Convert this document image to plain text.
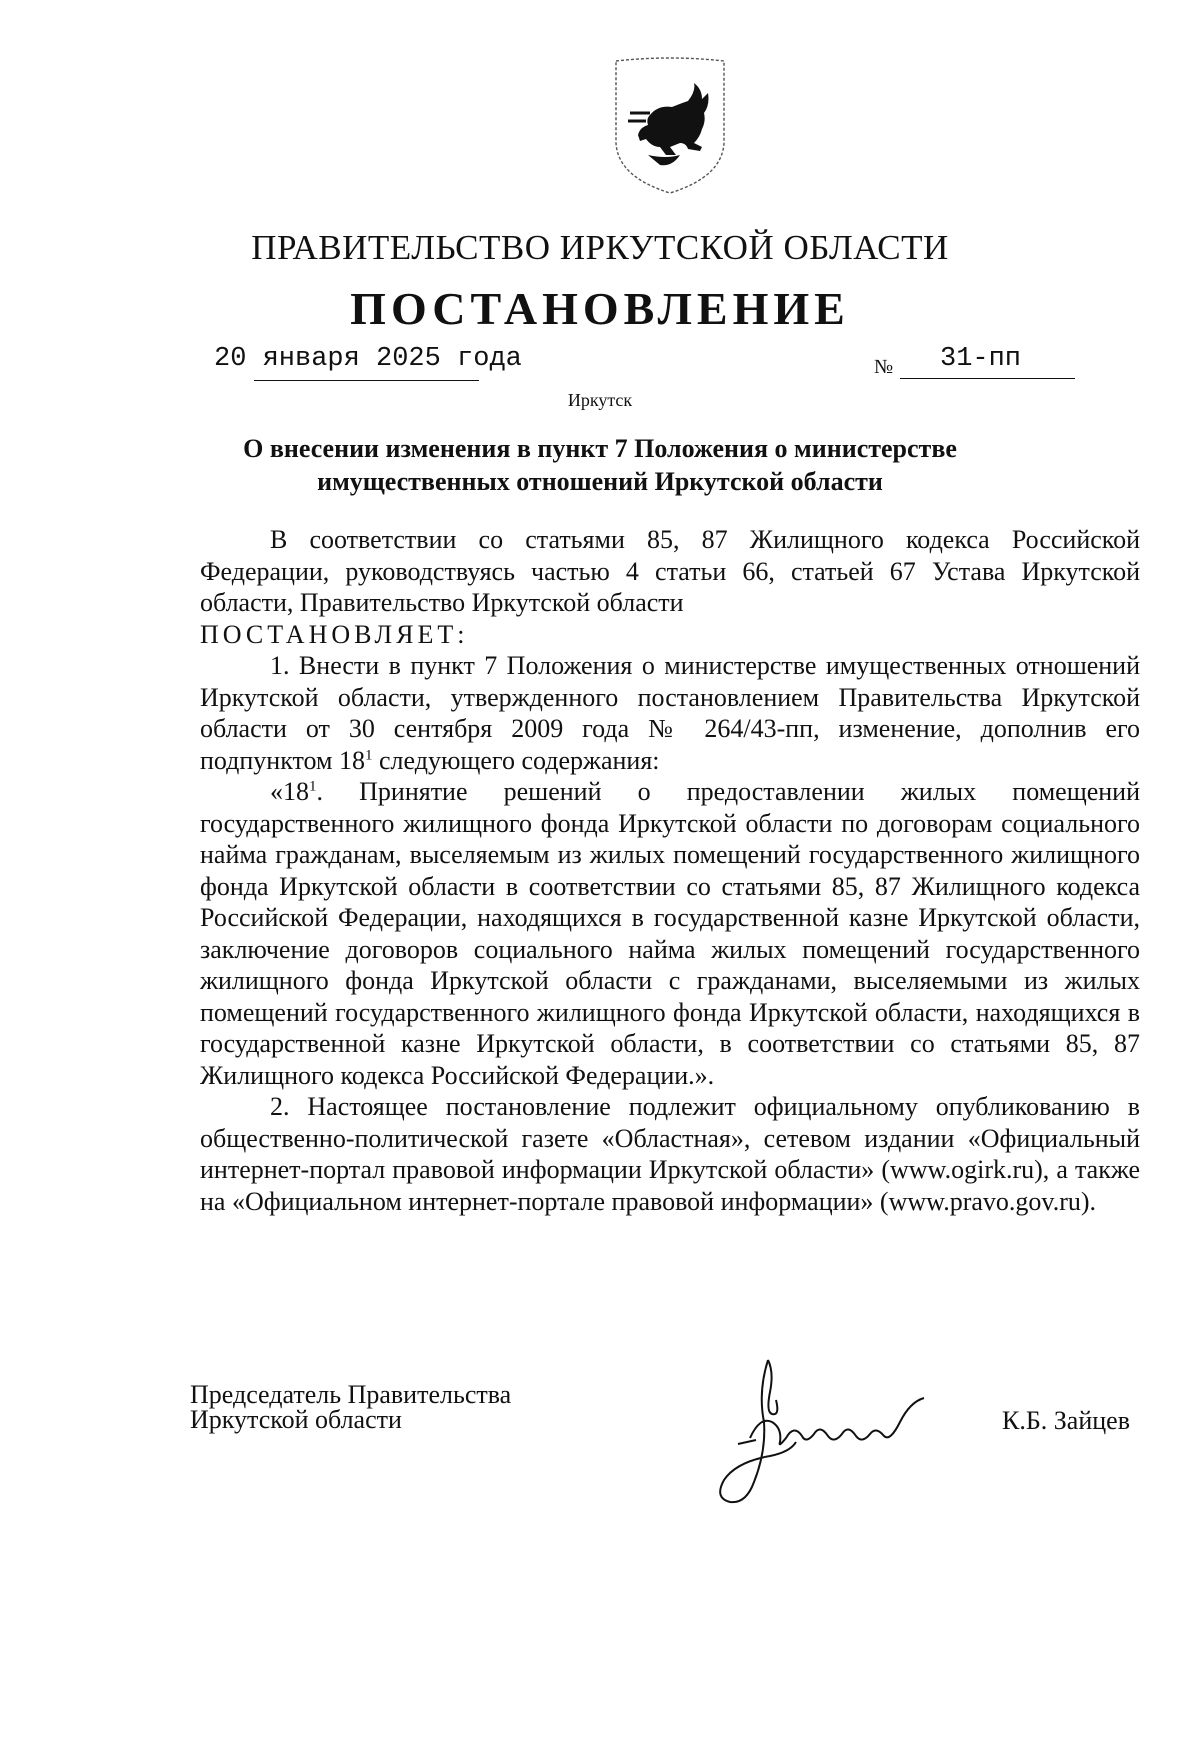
ПРАВИТЕЛЬСТВО ИРКУТСКОЙ ОБЛАСТИ
ПОСТАНОВЛЕНИЕ
20 января 2025 года	№ 31-пп
Иркутск
О внесении изменения в пункт 7 Положения о министерстве
имущественных отношений Иркутской области

В соответствии со статьями 85, 87 Жилищного кодекса Российской Федерации, руководствуясь частью 4 статьи 66, статьей 67 Устава Иркутской области, Правительство Иркутской области

ПОСТАНОВЛЯЕТ:

1. Внести в пункт 7 Положения о министерстве имущественных отношений Иркутской области, утвержденного постановлением Правительства Иркутской области от 30 сентября 2009 года № 264/43-пп, изменение, дополнив его подпунктом $18^1$ следующего содержания:

«$18^1$. Принятие решений о предоставлении жилых помещений государственного жилищного фонда Иркутской области по договорам социального найма гражданам, выселяемым из жилых помещений государственного жилищного фонда Иркутской области в соответствии со статьями 85, 87 Жилищного кодекса Российской Федерации, находящихся в государственной казне Иркутской области, заключение договоров социального найма жилых помещений государственного жилищного фонда Иркутской области с гражданами, выселяемыми из жилых помещений государственного жилищного фонда Иркутской области, находящихся в государственной казне Иркутской области, в соответствии со статьями 85, 87 Жилищного кодекса Российской Федерации.».

2. Настоящее постановление подлежит официальному опубликованию в общественно-политической газете «Областная», сетевом издании «Официальный интернет-портал правовой информации Иркутской области» (www.ogirk.ru), а также на «Официальном интернет-портале правовой информации» (www.pravo.gov.ru).

Председатель Правительства
Иркутской области	К.Б. Зайцев
